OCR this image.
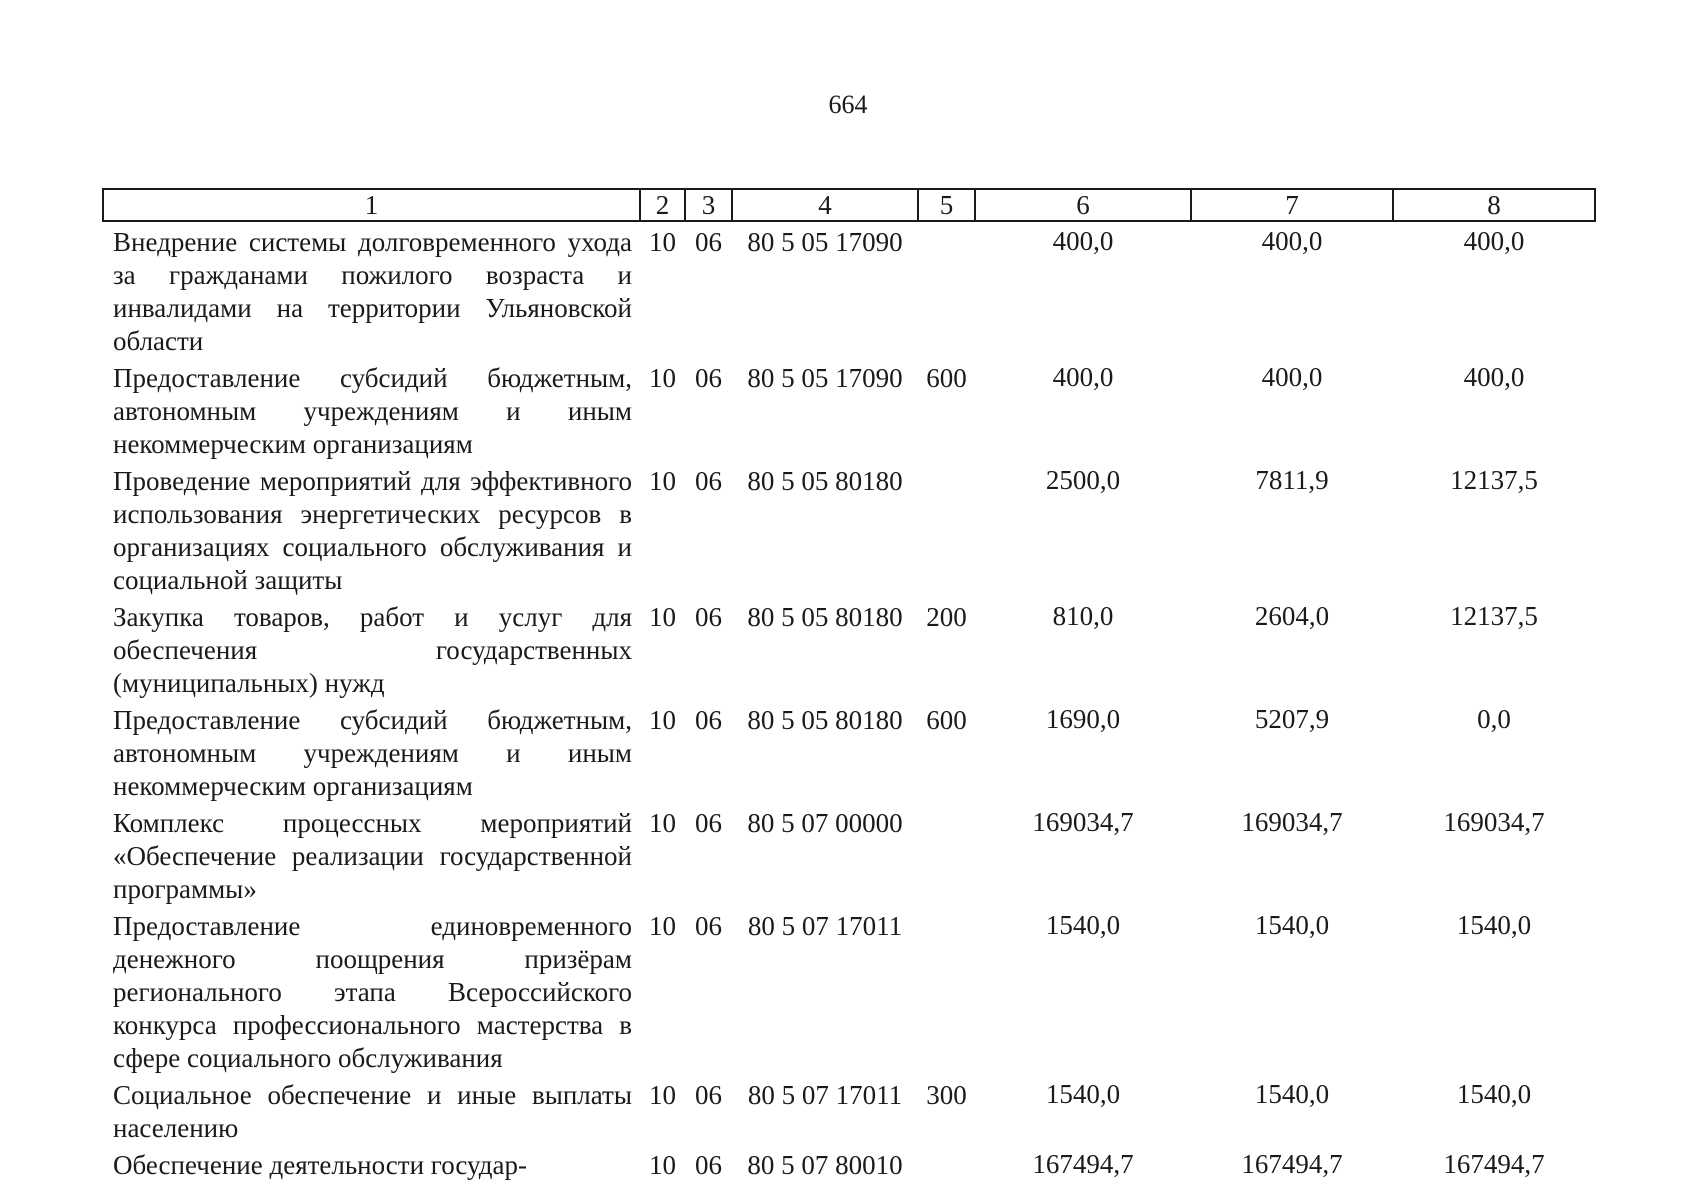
664
1	2	3	4	5	6	7	8
Внедрение системы долговременного ухода за гражданами пожилого возраста и инвалидами на территории Ульяновской области	10	06	80 5 05 17090		400,0	400,0	400,0
Предоставление субсидий бюджетным, автономным учреждениям и иным некоммерческим организациям	10	06	80 5 05 17090	600	400,0	400,0	400,0
Проведение мероприятий для эффективного использования энергетических ресурсов в организациях социального обслуживания и социальной защиты	10	06	80 5 05 80180		2500,0	7811,9	12137,5
Закупка товаров, работ и услуг для обеспечения государственных (муниципальных) нужд	10	06	80 5 05 80180	200	810,0	2604,0	12137,5
Предоставление субсидий бюджетным, автономным учреждениям и иным некоммерческим организациям	10	06	80 5 05 80180	600	1690,0	5207,9	0,0
Комплекс процессных мероприятий «Обеспечение реализации государственной программы»	10	06	80 5 07 00000		169034,7	169034,7	169034,7
Предоставление единовременного денежного поощрения призёрам регионального этапа Всероссийского конкурса профессионального мастерства в сфере социального обслуживания	10	06	80 5 07 17011		1540,0	1540,0	1540,0
Социальное обеспечение и иные выплаты населению	10	06	80 5 07 17011	300	1540,0	1540,0	1540,0
Обеспечение деятельности государ-	10	06	80 5 07 80010		167494,7	167494,7	167494,7
